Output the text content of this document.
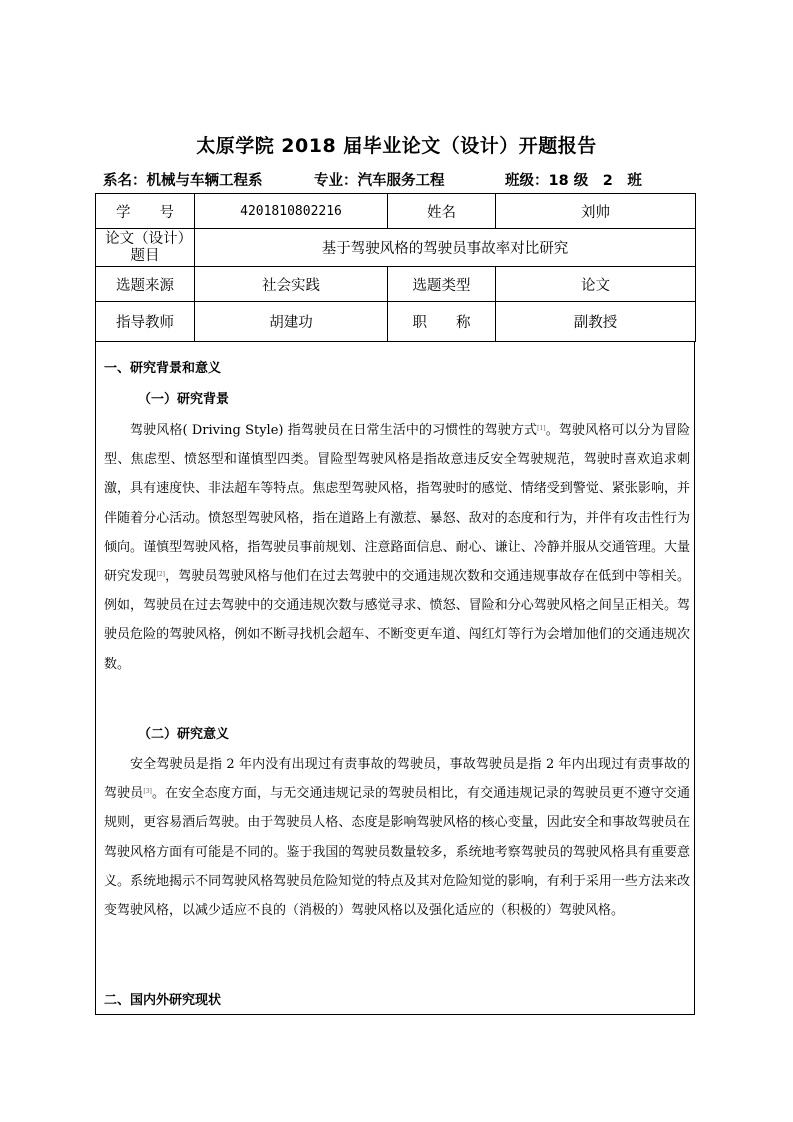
太原学院 2018 届毕业论文（设计）开题报告
系名：机械与车辆工程系	专业：汽车服务工程	班级：18 级　2　班
学　　号	4201810802216	姓名	刘帅
论文（设计）题目	基于驾驶风格的驾驶员事故率对比研究		
选题来源	社会实践	选题类型	论文
指导教师	胡建功	职　　称	副教授
一、研究背景和意义
（一）研究背景

驾驶风格( Driving Style) 指驾驶员在日常生活中的习惯性的驾驶方式[1]。驾驶风格可以分为冒险型、焦虑型、愤怒型和谨慎型四类。冒险型驾驶风格是指故意违反安全驾驶规范，驾驶时喜欢追求刺激，具有速度快、非法超车等特点。焦虑型驾驶风格，指驾驶时的感觉、情绪受到警觉、紧张影响，并伴随着分心活动。愤怒型驾驶风格，指在道路上有激惹、暴怒、敌对的态度和行为，并伴有攻击性行为倾向。谨慎型驾驶风格，指驾驶员事前规划、注意路面信息、耐心、谦让、冷静并服从交通管理。大量研究发现[2]，驾驶员驾驶风格与他们在过去驾驶中的交通违规次数和交通违规事故存在低到中等相关。例如，驾驶员在过去驾驶中的交通违规次数与感觉寻求、愤怒、冒险和分心驾驶风格之间呈正相关。驾驶员危险的驾驶风格，例如不断寻找机会超车、不断变更车道、闯红灯等行为会增加他们的交通违规次数。

（二）研究意义

安全驾驶员是指 2 年内没有出现过有责事故的驾驶员，事故驾驶员是指 2 年内出现过有责事故的驾驶员[3]。在安全态度方面，与无交通违规记录的驾驶员相比，有交通违规记录的驾驶员更不遵守交通规则，更容易酒后驾驶。由于驾驶员人格、态度是影响驾驶风格的核心变量，因此安全和事故驾驶员在驾驶风格方面有可能是不同的。鉴于我国的驾驶员数量较多，系统地考察驾驶员的驾驶风格具有重要意义。系统地揭示不同驾驶风格驾驶员危险知觉的特点及其对危险知觉的影响，有利于采用一些方法来改变驾驶风格，以减少适应不良的（消极的）驾驶风格以及强化适应的（积极的）驾驶风格。

二、国内外研究现状
